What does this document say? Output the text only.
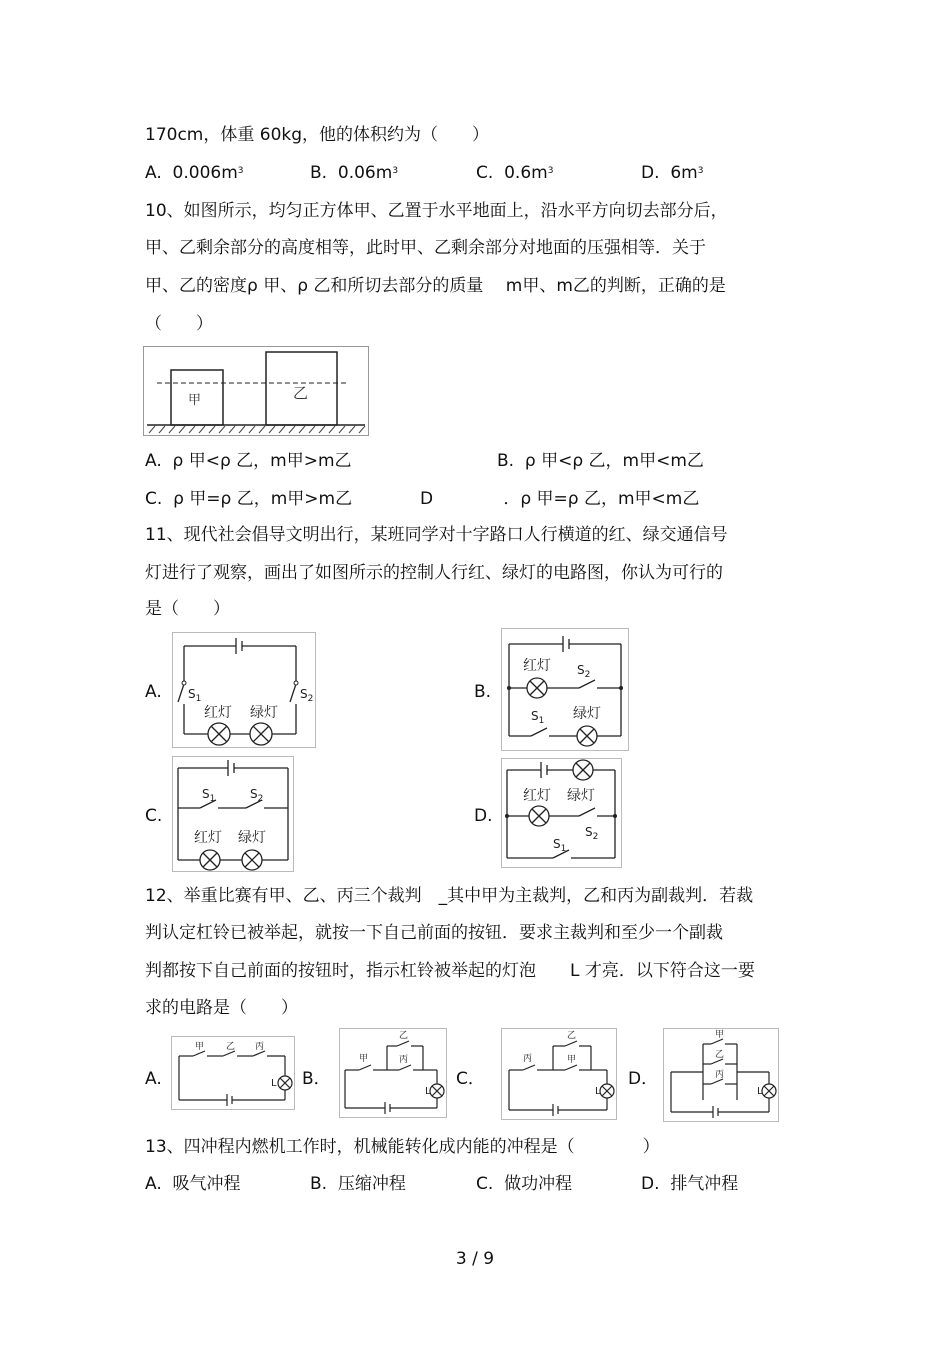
170cm，体重 60kg，他的体积约为（　　）
A. $0.006m^3$	B. $0.06m^3$	C. $0.6m^3$	D. $6m^3$
10、如图所示，均匀正方体甲、乙置于水平地面上，沿水平方向切去部分后，
甲、乙剩余部分的高度相等，此时甲、乙剩余部分对地面的压强相等．关于
甲、乙的密度ρ 甲、ρ 乙和所切去部分的质量　 m甲、m乙的判断，正确的是
（　　）
甲	乙
A. ρ 甲<ρ 乙，m甲>m乙	B. ρ 甲<ρ 乙，m甲<m乙
C. ρ 甲=ρ 乙，m甲>m乙	D	．ρ 甲=ρ 乙，m甲<m乙
11、现代社会倡导文明出行，某班同学对十字路口人行横道的红、绿交通信号
灯进行了观察，画出了如图所示的控制人行红、绿灯的电路图，你认为可行的
是（　　）
A.	B.
C.	D.
$S_1$	$S_2$
红灯 绿灯
红灯 $S_2$
$S_1$ 绿灯
$S_1$	$S_2$
红灯 绿灯
红灯 绿灯
$S_2$
$S_1$
12、举重比赛有甲、乙、丙三个裁判　_其中甲为主裁判，乙和丙为副裁判．若裁
判认定杠铃已被举起，就按一下自己前面的按钮．要求主裁判和至少一个副裁
判都按下自己前面的按钮时，指示杠铃被举起的灯泡　　L 才亮．以下符合这一要
求的电路是（　　）
A.	B．	C．	D．
甲 乙 丙
L
甲
乙
丙
L
丙
乙
甲
L
甲
乙
丙
L
13、四冲程内燃机工作时，机械能转化成内能的冲程是（　　　　）
A. 吸气冲程	B. 压缩冲程	C. 做功冲程	D. 排气冲程
3 / 9
